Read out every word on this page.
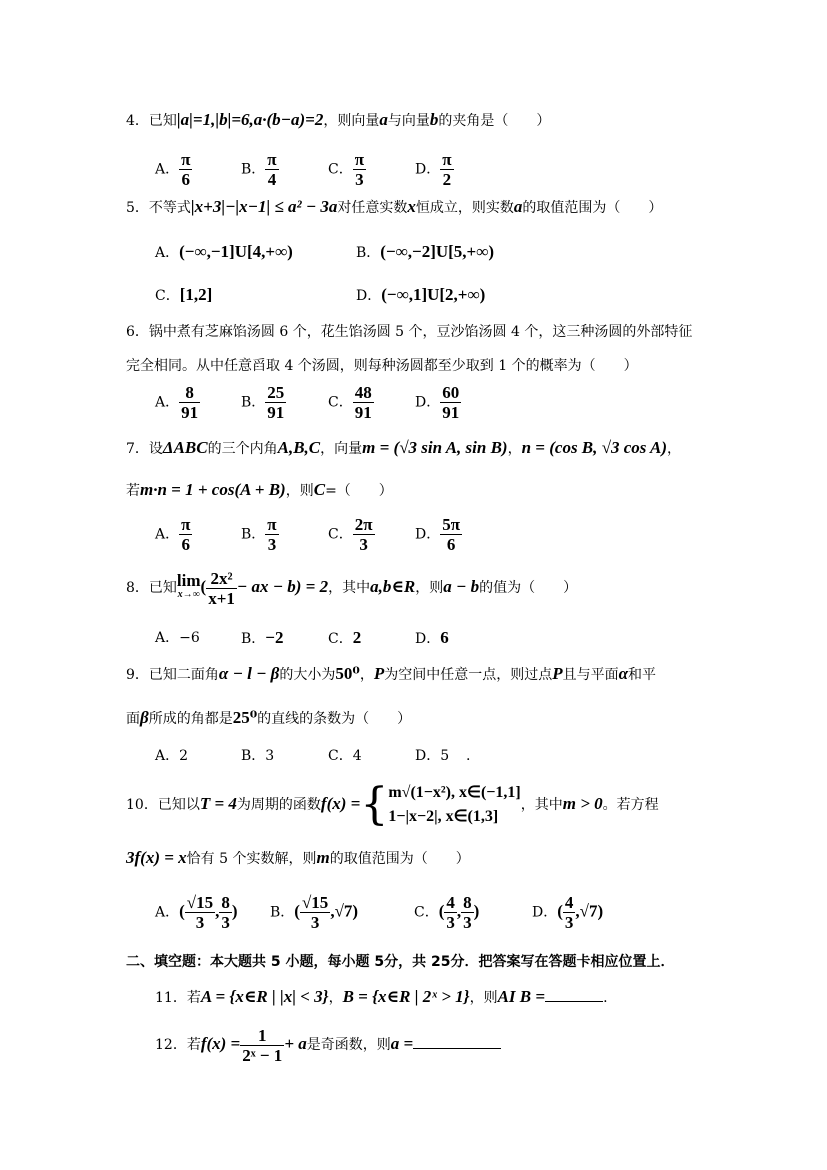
4．已知|a|=1,|b|=6,a·(b−a)=2，则向量a与向量b的夹角是（　　）
A． $\frac{\pi}{6}$	B． $\frac{\pi}{4}$	C． $\frac{\pi}{3}$	D． $\frac{\pi}{2}$
5．不等式|x+3|−|x−1| ≤ a² − 3a对任意实数x恒成立，则实数a的取值范围为（　　）
A．(−∞,−1]U[4,+∞)	B．(−∞,−2]U[5,+∞)
C．[1,2]	D．(−∞,1]U[2,+∞)
6．锅中煮有芝麻馅汤圆 6 个，花生馅汤圆 5 个，豆沙馅汤圆 4 个，这三种汤圆的外部特征
完全相同。从中任意舀取 4 个汤圆，则每种汤圆都至少取到 1 个的概率为（　　）
A． $\frac{8}{91}$	B． $\frac{25}{91}$	C． $\frac{48}{91}$	D． $\frac{60}{91}$
7．设ΔABC的三个内角A,B,C，向量m = (√3 sin A, sin B)，n = (cos B, √3 cos A)，
若m·n = 1 + cos(A + B)，则C=（　　）
A． $\frac{\pi}{6}$	B． $\frac{\pi}{3}$	C． $\frac{2\pi}{3}$	D． $\frac{5\pi}{6}$
8．已知 lim
x→∞ ( $\frac{\text{2x²}}{x+1}$ − ax − b) = 2，其中a,b∈R，则a − b的值为（　　）
A．−6	B．−2	C．2	D．6
9．已知二面角α − l − β的大小为50⁰，P为空间中任意一点，则过点P且与平面α和平
面β所成的角都是25⁰的直线的条数为（　　）
A．2	B．3	C．4	D．5 .
10．已知以T = 4为周期的函数f(x) ={ m√(1−x²), x∈(−1,1]
1−|x−2|, x∈(1,3]
，其中m > 0。若方程
3f(x) = x恰有 5 个实数解，则m的取值范围为（　　）
A．( $\frac{√15}{3}$ , $\frac{8}{3}$ ) B．( $\frac{√15}{3} ,√7$)	C．( $\frac{4}{3}$ , $\frac{8}{3}$ )	D．( $\frac{4}{3} ,√7$)
二、填空题：本大题共 5 小题，每小题 5分，共 25分．把答案写在答题卡相应位置上．
11．若A = {x∈R | |x| < 3}，B = {x∈R | 2ˣ > 1}，则AI B =	.
12．若$f(x) = \frac{1}{\text{2ˣ − 1}} + a$是奇函数，则a =
